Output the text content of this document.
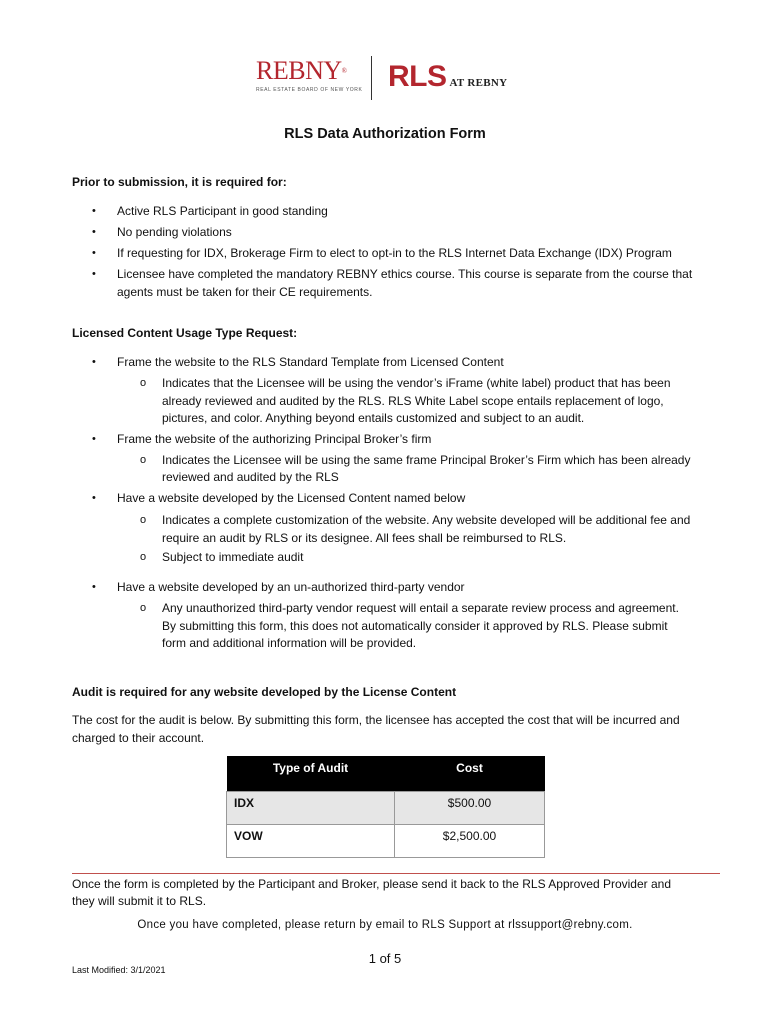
REBNY®
REAL ESTATE BOARD OF NEW YORK RLS AT REBNY
RLS Data Authorization Form
Prior to submission, it is required for:
• Active RLS Participant in good standing
• No pending violations
• If requesting for IDX, Brokerage Firm to elect to opt-in to the RLS Internet Data Exchange (IDX) Program
• Licensee have completed the mandatory REBNY ethics course. This course is separate from the course that
agents must be taken for their CE requirements.
Licensed Content Usage Type Request:
• Frame the website to the RLS Standard Template from Licensed Content
o Indicates that the Licensee will be using the vendor’s iFrame (white label) product that has been
already reviewed and audited by the RLS. RLS White Label scope entails replacement of logo,
pictures, and color. Anything beyond entails customized and subject to an audit.
• Frame the website of the authorizing Principal Broker’s firm
o Indicates the Licensee will be using the same frame Principal Broker’s Firm which has been already
reviewed and audited by the RLS
• Have a website developed by the Licensed Content named below
o Indicates a complete customization of the website. Any website developed will be additional fee and
require an audit by RLS or its designee. All fees shall be reimbursed to RLS.
o Subject to immediate audit
• Have a website developed by an un-authorized third-party vendor
o Any unauthorized third-party vendor request will entail a separate review process and agreement.
By submitting this form, this does not automatically consider it approved by RLS. Please submit
form and additional information will be provided.
Audit is required for any website developed by the License Content
The cost for the audit is below. By submitting this form, the licensee has accepted the cost that will be incurred and
charged to their account.
Type of Audit	Cost
IDX	$500.00
VOW	$2,500.00
Once the form is completed by the Participant and Broker, please send it back to the RLS Approved Provider and
they will submit it to RLS.
Once you have completed, please return by email to RLS Support at rlssupport@rebny.com.
1 of 5
Last Modified: 3/1/2021
